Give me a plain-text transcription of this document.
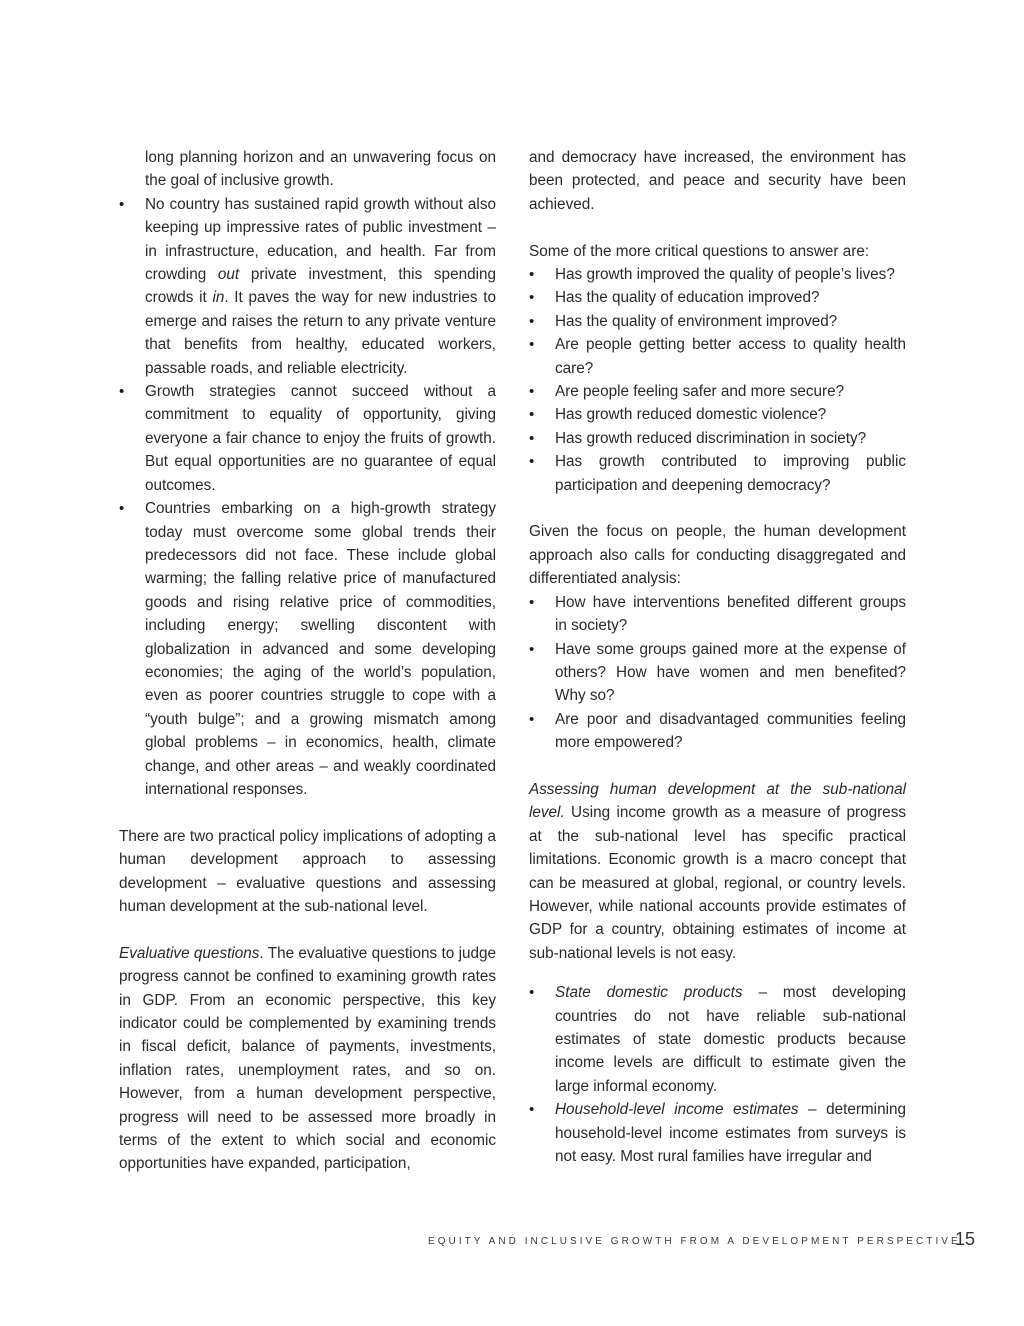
long planning horizon and an unwavering focus on the goal of inclusive growth.
• No country has sustained rapid growth without also keeping up impressive rates of public investment – in infrastructure, education, and health. Far from crowding out private investment, this spending crowds it in. It paves the way for new industries to emerge and raises the return to any private venture that benefits from healthy, educated workers, passable roads, and reliable electricity.
• Growth strategies cannot succeed without a commitment to equality of opportunity, giving everyone a fair chance to enjoy the fruits of growth. But equal opportunities are no guarantee of equal outcomes.
• Countries embarking on a high-growth strategy today must overcome some global trends their predecessors did not face. These include global warming; the falling relative price of manufactured goods and rising relative price of commodities, including energy; swelling discontent with globalization in advanced and some developing economies; the aging of the world’s population, even as poorer countries struggle to cope with a “youth bulge”; and a growing mismatch among global problems – in economics, health, climate change, and other areas – and weakly coordinated international responses.

There are two practical policy implications of adopting a human development approach to assessing development – evaluative questions and assessing human development at the sub-national level.

Evaluative questions. The evaluative questions to judge progress cannot be confined to examining growth rates in GDP. From an economic perspective, this key indicator could be complemented by examining trends in fiscal deficit, balance of payments, investments, inflation rates, unemployment rates, and so on. However, from a human development perspective, progress will need to be assessed more broadly in terms of the extent to which social and economic opportunities have expanded, participation,

and democracy have increased, the environment has been protected, and peace and security have been achieved.

Some of the more critical questions to answer are:

• Has growth improved the quality of people’s lives?
• Has the quality of education improved?
• Has the quality of environment improved?
• Are people getting better access to quality health care?
• Are people feeling safer and more secure?
• Has growth reduced domestic violence?
• Has growth reduced discrimination in society?
• Has growth contributed to improving public participation and deepening democracy?

Given the focus on people, the human development approach also calls for conducting disaggregated and differentiated analysis:

• How have interventions benefited different groups in society?
• Have some groups gained more at the expense of others? How have women and men benefited? Why so?
• Are poor and disadvantaged communities feeling more empowered?

Assessing human development at the sub-national level. Using income growth as a measure of progress at the sub-national level has specific practical limitations. Economic growth is a macro concept that can be measured at global, regional, or country levels. However, while national accounts provide estimates of GDP for a country, obtaining estimates of income at sub-national levels is not easy.

• State domestic products – most developing countries do not have reliable sub-national estimates of state domestic products because income levels are difficult to estimate given the large informal economy.
• Household-level income estimates – determining household-level income estimates from surveys is not easy. Most rural families have irregular and
EQUITY AND INCLUSIVE GROWTH FROM A DEVELOPMENT PERSPECTIVE
15
